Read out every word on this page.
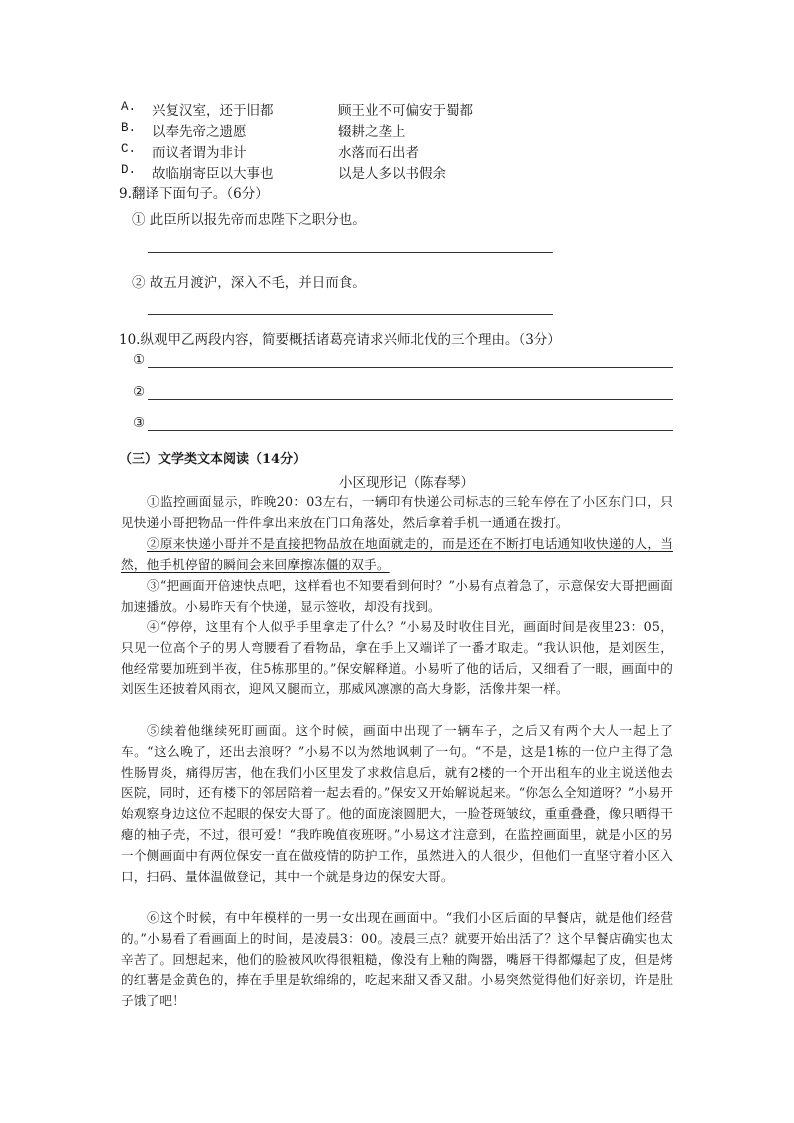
A. 兴复汉室，还于旧都	顾王业不可偏安于蜀都
B. 以奉先帝之遗愿	辍耕之垄上
C. 而议者谓为非计	水落而石出者
D. 故临崩寄臣以大事也	以是人多以书假余
9.翻译下面句子。（6分）
① 此臣所以报先帝而忠陛下之职分也。
② 故五月渡沪，深入不毛，并日而食。
10.纵观甲乙两段内容，简要概括诸葛亮请求兴师北伐的三个理由。（3分）
①
②
③
（三）文学类文本阅读（14分）
小区现形记（陈春琴）
①监控画面显示，昨晚20：03左右，一辆印有快递公司标志的三轮车停在了小区东门口，只见快递小哥把物品一件件拿出来放在门口角落处，然后拿着手机一通通在拨打。
②原来快递小哥并不是直接把物品放在地面就走的，而是还在不断打电话通知收快递的人，当然，他手机停留的瞬间会来回摩擦冻僵的双手。
③“把画面开倍速快点吧，这样看也不知要看到何时？”小易有点着急了，示意保安大哥把画面加速播放。小易昨天有个快递，显示签收，却没有找到。
④“停停，这里有个人似乎手里拿走了什么？”小易及时收住目光，画面时间是夜里23：05，只见一位高个子的男人弯腰看了看物品，拿在手上又端详了一番才取走。“我认识他，是刘医生，他经常要加班到半夜，住5栋那里的。”保安解释道。小易听了他的话后，又细看了一眼，画面中的刘医生还披着风雨衣，迎风又腿而立，那威风凛凛的高大身影，活像井架一样。
⑤续着他继续死盯画面。这个时候，画面中出现了一辆车子，之后又有两个大人一起上了车。“这么晚了，还出去浪呀？”小易不以为然地讽刺了一句。“不是，这是1栋的一位户主得了急性肠胃炎，痛得厉害，他在我们小区里发了求救信息后，就有2楼的一个开出租车的业主说送他去医院，同时，还有楼下的邻居陪着一起去看的。”保安又开始解说起来。“你怎么全知道呀？”小易开始观察身边这位不起眼的保安大哥了。他的面庞滚圆肥大，一脸苍斑皱纹，重重叠叠，像只晒得干瘪的柚子壳，不过，很可爱！“我昨晚值夜班呀。”小易这才注意到，在监控画面里，就是小区的另一个侧画面中有两位保安一直在做疫情的防护工作，虽然进入的人很少，但他们一直坚守着小区入口，扫码、量体温做登记，其中一个就是身边的保安大哥。
⑥这个时候，有中年模样的一男一女出现在画面中。“我们小区后面的早餐店，就是他们经营的。”小易看了看画面上的时间，是凌晨3：00。凌晨三点？就要开始出活了？这个早餐店确实也太辛苦了。回想起来，他们的脸被风吹得很粗糙，像没有上釉的陶器，嘴唇干得都爆起了皮，但是烤的红薯是金黄色的，捧在手里是软绵绵的，吃起来甜又香又甜。小易突然觉得他们好亲切，许是肚子饿了吧！
